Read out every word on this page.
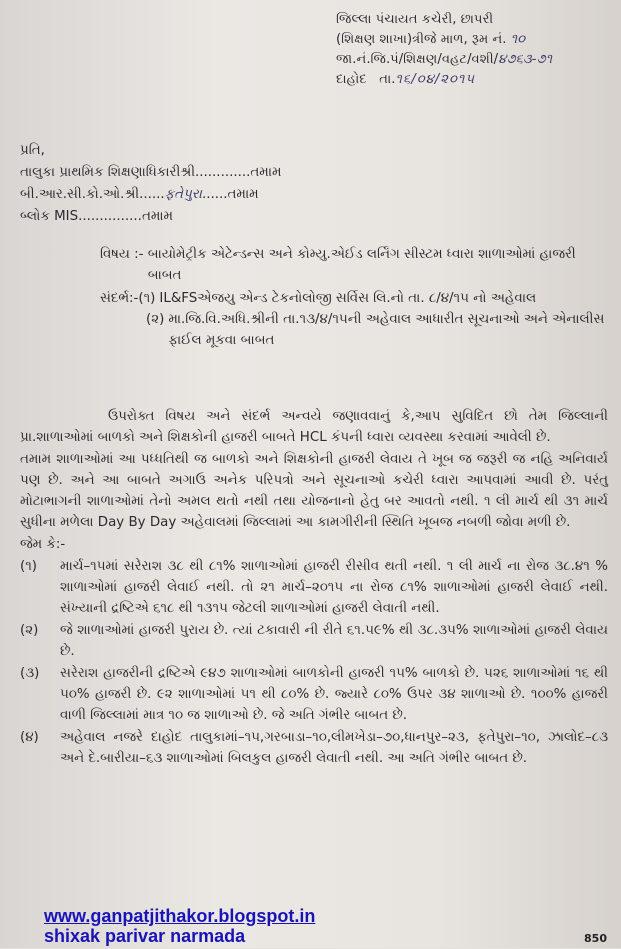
જિલ્લા પંચાયત કચેરી, છાપરી
(શિક્ષણ શાખા)ત્રીજે માળ, રૂમ નં. ૧૦
જા.નં.જિ.પં/શિક્ષણ/વહટ/વશી/૪૭૬૩-૭૧
દાહોદ તા.૧૬/૦૪/૨૦૧૫
પ્રતિ,
તાલુકા પ્રાથમિક શિક્ષણાધિકારીશ્રી.............તમામ
બી.આર.સી.કો.ઓ.શ્રી......ફતેપુરા......તમામ
બ્લોક MIS...............તમામ
વિષય :-
બાયોમેટ્રીક એટેન્ડન્સ અને કોમ્યુ.એઈડ લર્નિંગ સીસ્ટમ ધ્વારા શાળાઓમાં હાજરી બાબત
સંદર્ભ:- (૧) IL&FSએજયુ એન્ડ ટેકનોલોજી સર્વિસ લિ.નો તા. ૮/૪/૧૫ નો અહેવાલ
(૨) મા.જિ.વિ.અધિ.શ્રીની તા.૧૩/૪/૧૫ની અહેવાલ આધારીત સૂચનાઓ અને એનાલીસ ફાઈલ મૂકવા બાબત

ઉપરોક્ત વિષય અને સંદર્ભ અન્વયે જણાવવાનું કે,આપ સુવિદિત છો તેમ જિલ્લાની પ્રા.શાળાઓમાં બાળકો અને શિક્ષકોની હાજરી બાબતે HCL કંપની ધ્વારા વ્યવસ્થા કરવામાં આવેલી છે.

તમામ શાળાઓમાં આ પધ્ધતિથી જ બાળકો અને શિક્ષકોની હાજરી લેવાય તે ખૂબ જ જરૂરી જ નહિ અનિવાર્ય પણ છે. અને આ બાબતે અગાઉ અનેક પરિપત્રો અને સૂચનાઓ કચેરી ધ્વારા આપવામાં આવી છે. પરંતુ મોટાભાગની શાળાઓમાં તેનો અમલ થતો નથી તથા યોજનાનો હેતુ બર આવતો નથી. ૧ લી માર્ચ થી ૩૧ માર્ચ સુધીના મળેલા Day By Day અહેવાલમાં જિલ્લામાં આ કામગીરીની સ્થિતિ ખૂબજ નબળી જોવા મળી છે.

જેમ કે:-

(૧)	માર્ચ–૧૫માં સરેરાશ ૩૮ થી ૮૧% શાળાઓમાં હાજરી રીસીવ થતી નથી. ૧ લી માર્ચ ના રોજ ૩૮.૪૧ % શાળાઓમાં હાજરી લેવાઈ નથી. તો ૨૧ માર્ચ–૨૦૧૫ ના રોજ ૮૧% શાળાઓમાં હાજરી લેવાઈ નથી. સંખ્યાની દ્રષ્ટિએ ૬૧૮ થી ૧૩૧૫ જેટલી શાળાઓમાં હાજરી લેવાતી નથી.
(૨)	જે શાળાઓમાં હાજરી પુરાય છે. ત્યાં ટકાવારી ની રીતે ૬૧.૫૯% થી ૩૮.૩૫% શાળાઓમાં હાજરી લેવાય છે.
(૩)	સરેરાશ હાજરીની દ્રષ્ટિએ ૯૪૭ શાળાઓમાં બાળકોની હાજરી ૧૫% બાળકો છે. ૫૨૬ શાળાઓમાં ૧૬ થી ૫૦% હાજરી છે. ૯૨ શાળાઓમાં ૫૧ થી ૮૦% છે. જ્યારે ૮૦% ઉપર ૩૪ શાળાઓ છે. ૧૦૦% હાજરી વાળી જિલ્લામાં માત્ર ૧૦ જ શાળાઓ છે. જે અતિ ગંભીર બાબત છે.
(૪)	અહેવાલ નજરે દાહોદ તાલુકામાં–૧૫,ગરબાડા–૧૦,લીમખેડા–૭૦,ધાનપુર–૨૩, ફતેપુરા–૧૦, ઝાલોદ–૮૩ અને દે.બારીયા–૬૩ શાળાઓમાં બિલકુલ હાજરી લેવાતી નથી. આ અતિ ગંભીર બાબત છે.
www.ganpatjithakor.blogspot.in
shixak parivar narmada	850
